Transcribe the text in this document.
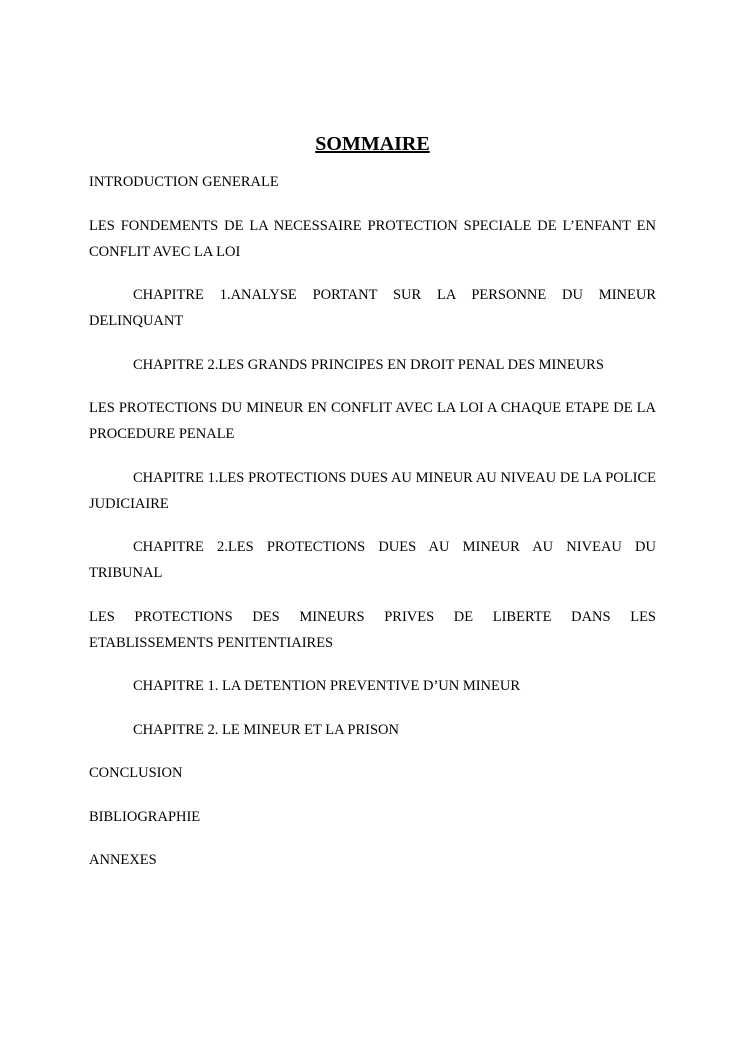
SOMMAIRE

INTRODUCTION GENERALE

LES FONDEMENTS DE LA NECESSAIRE PROTECTION SPECIALE DE L’ENFANT EN CONFLIT AVEC LA LOI

CHAPITRE 1.ANALYSE PORTANT SUR LA PERSONNE DU MINEUR DELINQUANT

CHAPITRE 2.LES GRANDS PRINCIPES EN DROIT PENAL DES MINEURS

LES PROTECTIONS DU MINEUR EN CONFLIT AVEC LA LOI A CHAQUE ETAPE DE LA PROCEDURE PENALE

CHAPITRE 1.LES PROTECTIONS DUES AU MINEUR AU NIVEAU DE LA POLICE JUDICIAIRE

CHAPITRE 2.LES PROTECTIONS DUES AU MINEUR AU NIVEAU DU TRIBUNAL

LES PROTECTIONS DES MINEURS PRIVES DE LIBERTE DANS LES ETABLISSEMENTS PENITENTIAIRES

CHAPITRE 1. LA DETENTION PREVENTIVE D’UN MINEUR

CHAPITRE 2. LE MINEUR ET LA PRISON

CONCLUSION

BIBLIOGRAPHIE

ANNEXES
